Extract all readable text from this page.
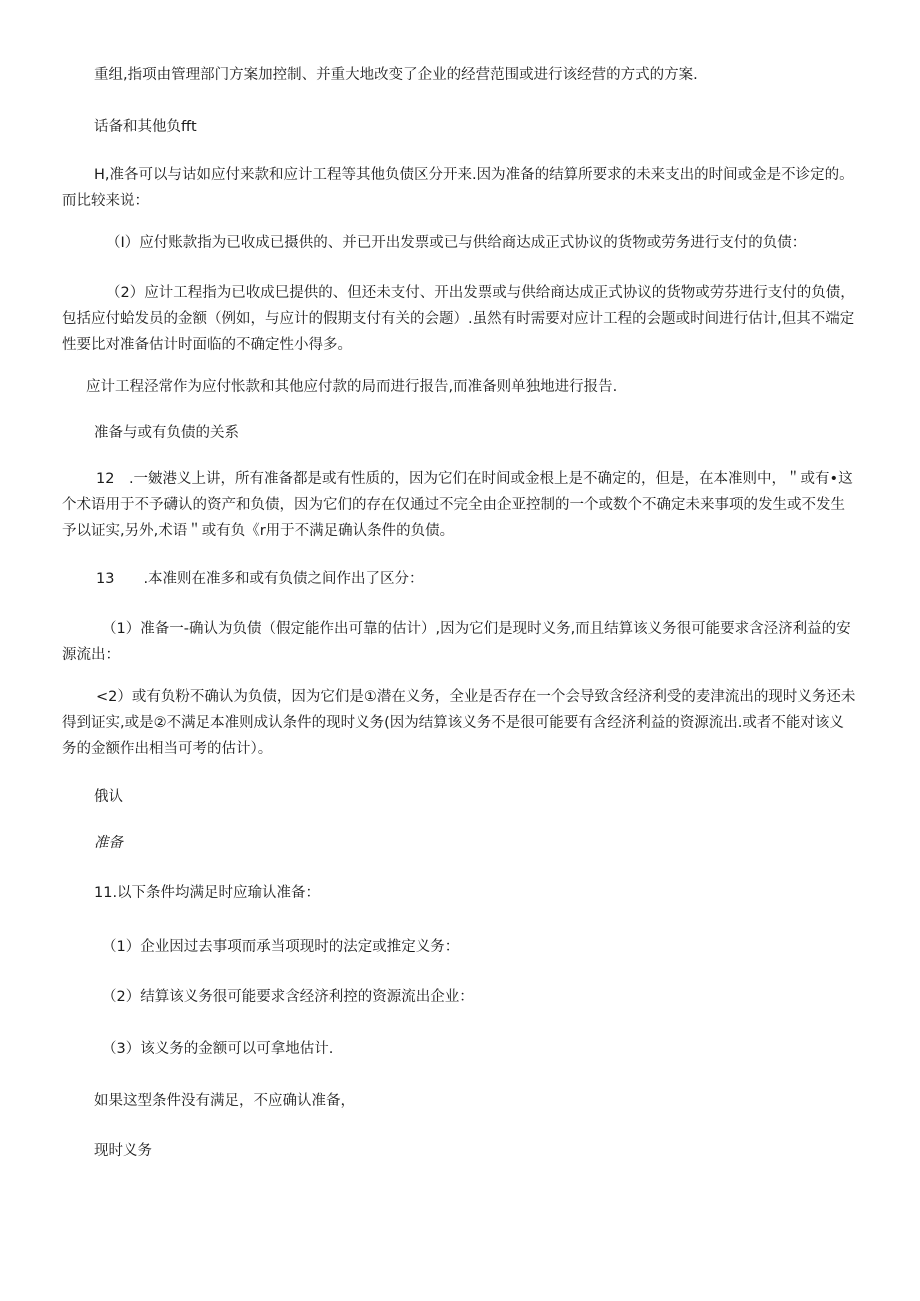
重组,指项由管理部门方案加控制、并重大地改变了企业的经营范围或进行该经营的方式的方案.

话备和其他负fft

H,准各可以与诂如应付来款和应计工程等其他负债区分开来.因为准备的结算所要求的未来支出的时间或金是不诊定的。而比较来说：

（I）应付账款指为已收成已摄供的、并已开出发票或已与供给商达成正式协议的货物或劳务进行支付的负债：

（2）应计工程指为已收成巳提供的、但还未支付、开出发票或与供给商达成正式协议的货物或劳芬进行支付的负债，包括应付蛤发员的金额（例如，与应计的假期支付有关的会题）.虽然有时需要对应计工程的会题或时间进行估计,但其不端定性要比对准备估计时面临的不确定性小得多。

应计工程泾常作为应付怅款和其他应付款的局而进行报告,而准备则单独地进行报告.

准备与或有负债的关系

12　.一皴港义上讲，所有准备都是或有性质的，因为它们在时间或金根上是不确定的，但是，在本准则中，＂或有•这个术语用于不予礴认的资产和负债，因为它们的存在仅通过不完全由企亚控制的一个或数个不确定未来事项的发生或不发生予以证实,另外,术语＂或有负《r用于不满足确认条件的负债。

13　　.本准则在准多和或有负债之间作出了区分：

（1）准备一-确认为负债（假定能作出可靠的估计）,因为它们是现时义务,而且结算该义务很可能要求含泾济利益的安源流出：

<2）或有负粉不确认为负债，因为它们是①潜在义务，全业是否存在一个会导致含经济利受的麦津流出的现时义务还未得到证实,或是②不满足本准则成认条件的现时义务(因为结算该义务不是很可能要有含经济利益的资源流出.或者不能对该义务的金额作出相当可考的估计）。

俄认

准备

11.以下条件均满足时应瑜认准备：

（1）企业因过去事项而承当项现时的法定或推定义务：

（2）结算该义务很可能要求含经济利控的资源流出企业：

（3）该义务的金额可以可拿地估计.

如果这型条件没有满足，不应确认准备，

现时义务
